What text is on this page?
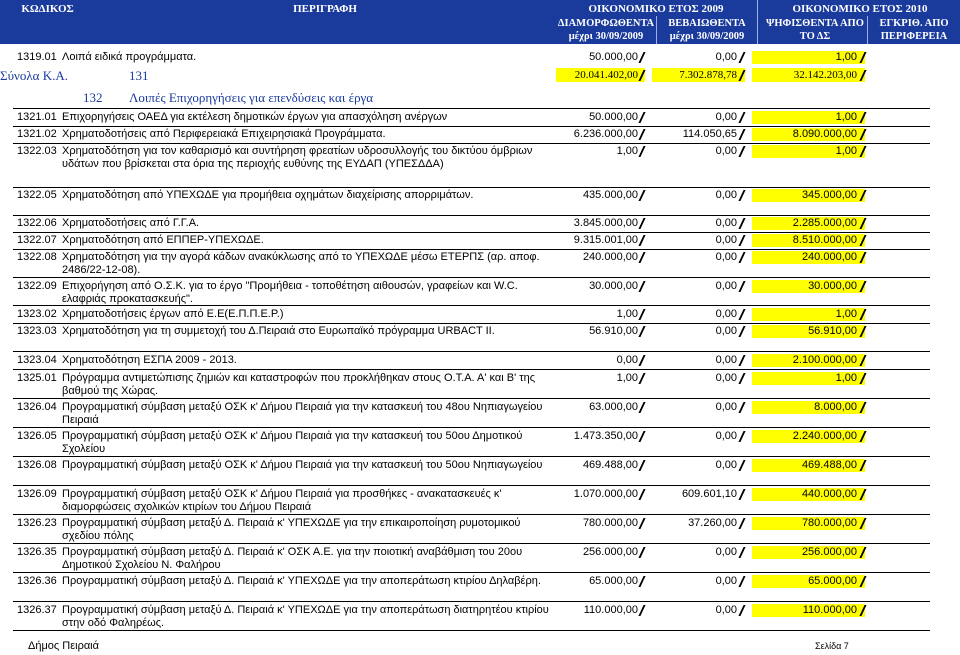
ΚΩΔΙΚΟΣ	ΠΕΡΙΓΡΑΦΗ	ΟΙΚΟΝΟΜΙΚΟ ΕΤΟΣ 2009	ΟΙΚΟΝΟΜΙΚΟ ΕΤΟΣ 2010
ΔΙΑΜΟΡΦΩΘΕΝΤΑ
μέχρι 30/09/2009
ΒΕΒΑΙΩΘΕΝΤΑ
μέχρι 30/09/2009
ΨΗΦΙΣΘΕΝΤΑ ΑΠΟ
ΤΟ ΔΣ
ΕΓΚΡΙΘ. ΑΠΟ
ΠΕΡΙΦΕΡΕΙΑ
1319.01 Λοιπά ειδικά προγράμματα.	50.000,00	0,00	1,00
Σύνολα Κ.Α.	131	20.041.402,00	7.302.878,78	32.142.203,00
132 Λοιπές Επιχορηγήσεις για επενδύσεις και έργα
1321.01 Επιχορηγήσεις ΟΑΕΔ για εκτέλεση δημοτικών έργων για απασχόληση ανέργων	50.000,00	0,00	1,00
1321.02 Χρηματοδοτήσεις από Περιφερειακά Επιχειρησιακά Προγράμματα.	6.236.000,00	114.050,65	8.090.000,00
1322.03 Χρηματοδότηση για τον καθαρισμό και συντήρηση φρεατίων υδροσυλλογής του δικτύου όμβριων υδάτων που βρίσκεται στα όρια της περιοχής ευθύνης της ΕΥΔΑΠ (ΥΠΕΣΔΔΑ)
1,00	0,00	1,00
1322.05 Χρηματοδότηση από ΥΠΕΧΩΔΕ για προμήθεια οχημάτων διαχείρισης απορριμάτων.	435.000,00	0,00	345.000,00
1322.06 Χρηματοδοτήσεις από Γ.Γ.Α.	3.845.000,00	0,00	2.285.000,00
1322.07 Χρηματοδότηση από ΕΠΠΕΡ-ΥΠΕΧΩΔΕ.	9.315.001,00	0,00	8.510.000,00
1322.08 Χρηματοδότηση για την αγορά κάδων ανακύκλωσης από το ΥΠΕΧΩΔΕ μέσω ΕΤΕΡΠΣ (αρ. αποφ. 2486/22-12-08).
240.000,00	0,00	240.000,00
1322.09 Επιχορήγηση από Ο.Σ.Κ. για το έργο "Προμήθεια - τοποθέτηση αιθουσών, γραφείων και W.C. ελαφριάς προκατασκευής".
30.000,00	0,00	30.000,00
1323.02 Χρηματοδοτήσεις έργων από Ε.Ε(Ε.Π.Π.Ε.Ρ.)	1,00	0,00	1,00
1323.03 Χρηματοδότηση για τη συμμετοχή του Δ.Πειραιά στο Ευρωπαϊκό πρόγραμμα URBACT II.	56.910,00	0,00	56.910,00
1323.04 Χρηματοδότηση ΕΣΠΑ 2009 - 2013.	0,00	0,00	2.100.000,00
1325.01 Πρόγραμμα αντιμετώπισης ζημιών και καταστροφών που προκλήθηκαν στους Ο.Τ.Α. Α' και Β' της βαθμού της Χώρας.
1,00	0,00	1,00
1326.04 Προγραμματική σύμβαση μεταξύ ΟΣΚ κ' Δήμου Πειραιά για την κατασκευή του 48ου Νηπιαγωγείου Πειραιά
63.000,00	0,00	8.000,00
1326.05 Προγραμματική σύμβαση μεταξύ ΟΣΚ κ' Δήμου Πειραιά για την κατασκευή του 50ου Δημοτικού Σχολείου
1.473.350,00	0,00	2.240.000,00
1326.08 Προγραμματική σύμβαση μεταξύ ΟΣΚ κ' Δήμου Πειραιά για την κατασκευή του 50ου Νηπιαγωγείου	469.488,00	0,00	469.488,00
1326.09 Προγραμματική σύμβαση μεταξύ ΟΣΚ κ' Δήμου Πειραιά για προσθήκες - ανακατασκευές κ' διαμορφώσεις σχολικών κτιρίων του Δήμου Πειραιά
1.070.000,00	609.601,10	440.000,00
1326.23 Προγραμματική σύμβαση μεταξύ Δ. Πειραιά κ' ΥΠΕΧΩΔΕ για την επικαιροποίηση ρυμοτομικού σχεδίου πόλης
780.000,00	37.260,00	780.000,00
1326.35 Προγραμματική σύμβαση μεταξύ Δ. Πειραιά κ' ΟΣΚ Α.Ε. για την ποιοτική αναβάθμιση του 20ου Δημοτικού Σχολείου Ν. Φαλήρου
256.000,00	0,00	256.000,00
1326.36 Προγραμματική σύμβαση μεταξύ Δ. Πειραιά κ' ΥΠΕΧΩΔΕ για την αποπεράτωση κτιρίου Δηλαβέρη.	65.000,00	0,00	65.000,00
1326.37 Προγραμματική σύμβαση μεταξύ Δ. Πειραιά κ' ΥΠΕΧΩΔΕ για την αποπεράτωση διατηρητέου κτιρίου στην οδό Φαληρέως.
110.000,00	0,00	110.000,00
Δήμος Πειραιά	Σελίδα 7
